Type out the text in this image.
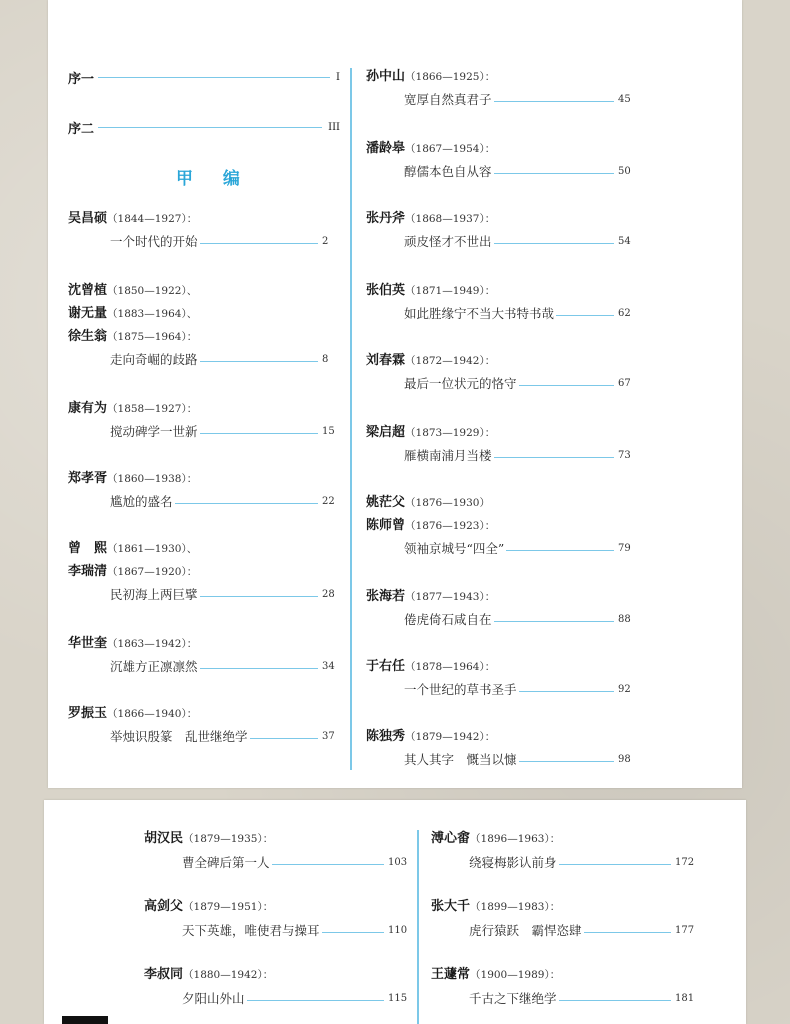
序一	I
序二	III
甲 编
吴昌硕（1844—1927）：
一个时代的开始	2
沈曾植（1850—1922）、
谢无量（1883—1964）、
徐生翁（1875—1964）：
走向奇崛的歧路	8
康有为（1858—1927）：
搅动碑学一世新	15
郑孝胥（1860—1938）：
尴尬的盛名	22
曾　熙（1861—1930）、
李瑞清（1867—1920）：
民初海上两巨擘	28
华世奎（1863—1942）：
沉雄方正凛凛然	34
罗振玉（1866—1940）：
举烛识殷篆　乱世继绝学	37
孙中山（1866—1925）：
宽厚自然真君子	45
潘龄皋（1867—1954）：
醇儒本色自从容	50
张丹斧（1868—1937）：
顽皮怪才不世出	54
张伯英（1871—1949）：
如此胜缘宁不当大书特书哉	62
刘春霖（1872—1942）：
最后一位状元的恪守	67
梁启超（1873—1929）：
雁横南浦月当楼	73
姚茫父（1876—1930）
陈师曾（1876—1923）：
领袖京城号“四全”	79
张海若（1877—1943）：
倦虎倚石咸自在	88
于右任（1878—1964）：
一个世纪的草书圣手	92
陈独秀（1879—1942）：
其人其字　慨当以慷	98
胡汉民（1879—1935）：
曹全碑后第一人	103
高剑父（1879—1951）：
天下英雄，唯使君与操耳	110
李叔同（1880—1942）：
夕阳山外山	115
溥心畬（1896—1963）：
绕寝梅影认前身	172
张大千（1899—1983）：
虎行猿跃　霸悍恣肆	177
王蘧常（1900—1989）：
千古之下继绝学	181
